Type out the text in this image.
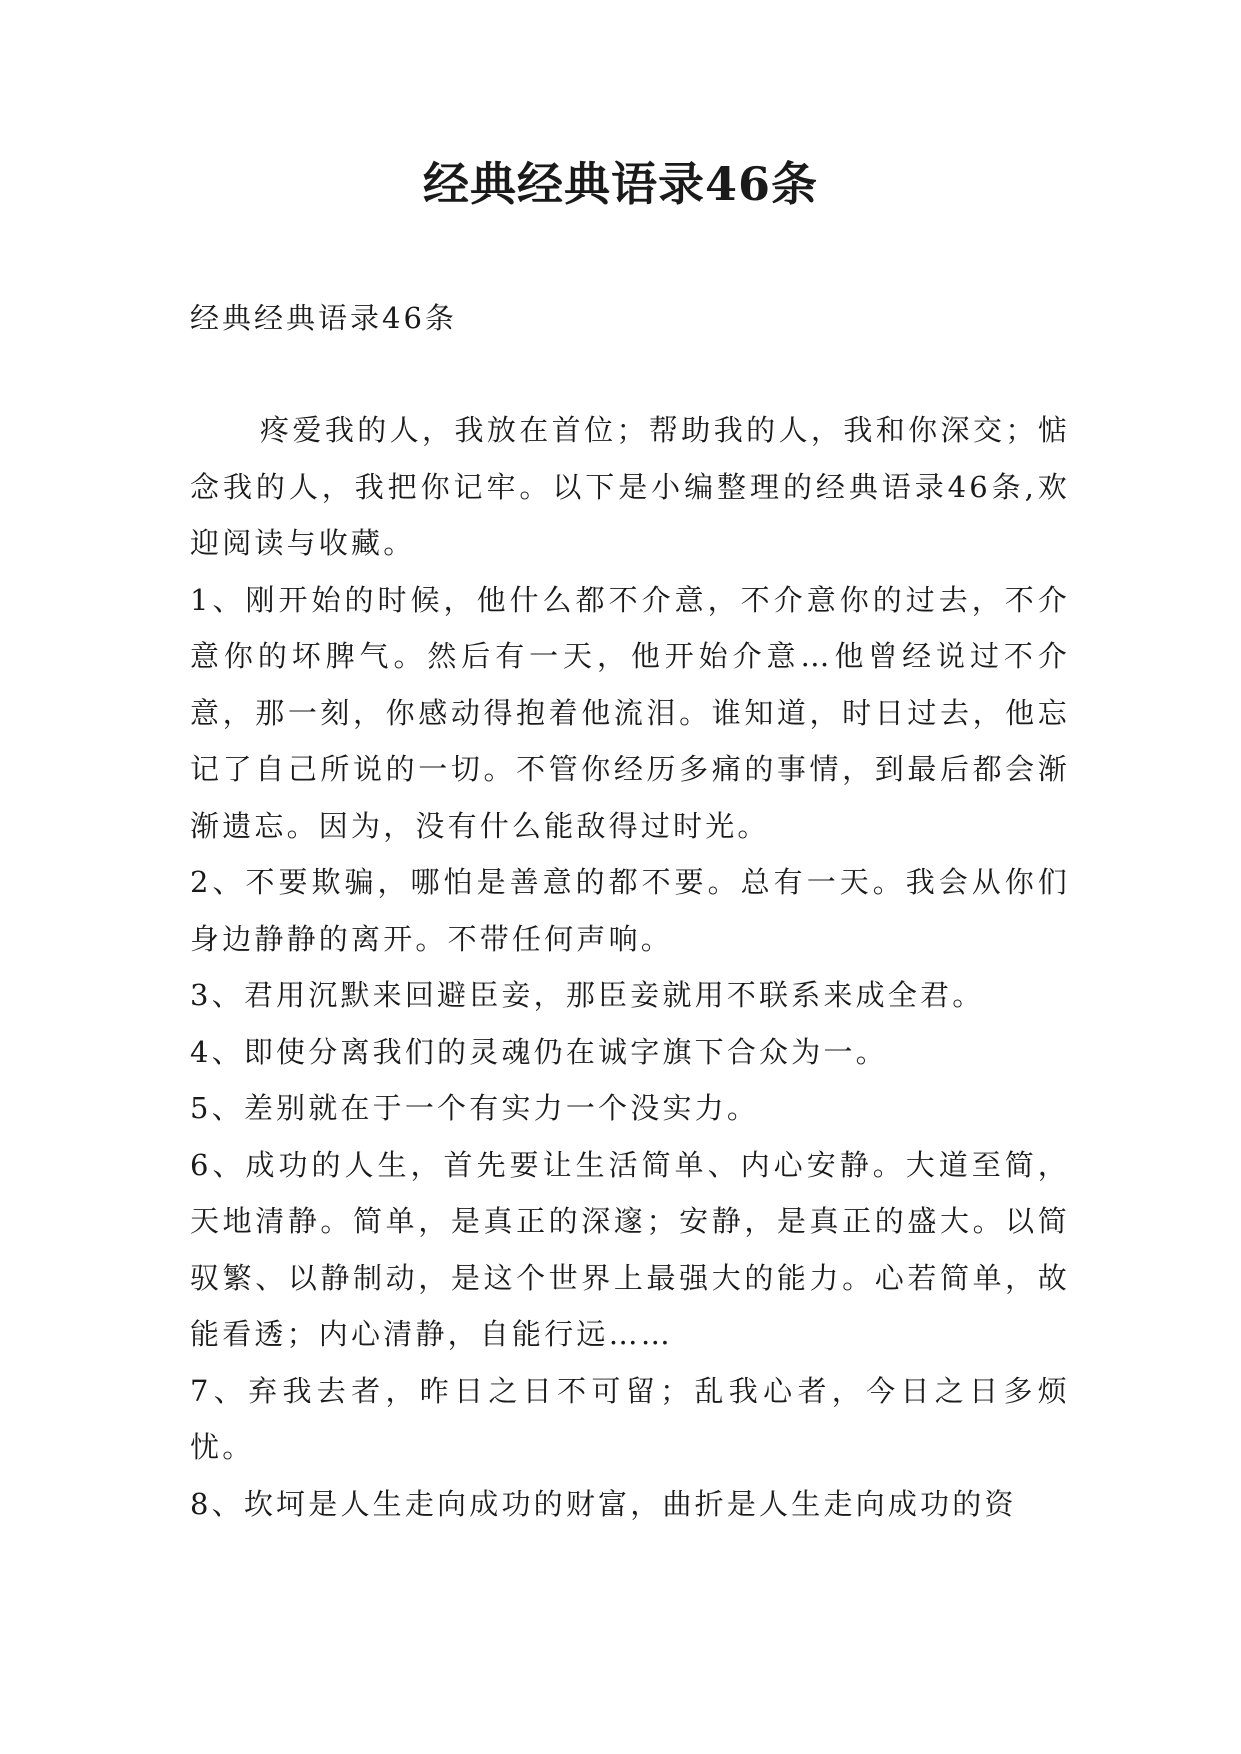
经典经典语录46条

经典经典语录46条

疼爱我的人，我放在首位；帮助我的人，我和你深交；惦念我的人，我把你记牢。以下是小编整理的经典语录46条,欢迎阅读与收藏。

1、刚开始的时候，他什么都不介意，不介意你的过去，不介意你的坏脾气。然后有一天，他开始介意…他曾经说过不介意，那一刻，你感动得抱着他流泪。谁知道，时日过去，他忘记了自己所说的一切。不管你经历多痛的事情，到最后都会渐渐遗忘。因为，没有什么能敌得过时光。

2、不要欺骗，哪怕是善意的都不要。总有一天。我会从你们身边静静的离开。不带任何声响。

3、君用沉默来回避臣妾，那臣妾就用不联系来成全君。

4、即使分离我们的灵魂仍在诚字旗下合众为一。

5、差别就在于一个有实力一个没实力。

6、成功的人生，首先要让生活简单、内心安静。大道至简，天地清静。简单，是真正的深邃；安静，是真正的盛大。以简驭繁、以静制动，是这个世界上最强大的能力。心若简单，故能看透；内心清静，自能行远……

7、弃我去者，昨日之日不可留；乱我心者，今日之日多烦忧。

8、坎坷是人生走向成功的财富，曲折是人生走向成功的资
